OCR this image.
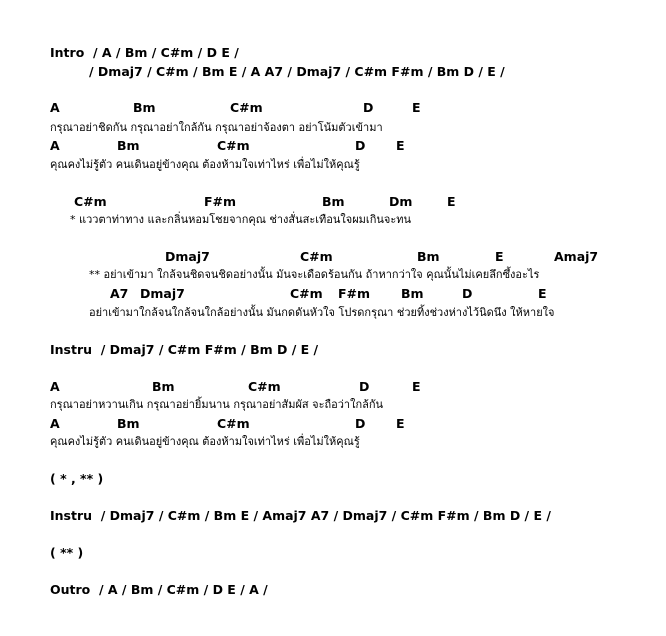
Intro  / A / Bm / C#m / D E /
/ Dmaj7 / C#m / Bm E / A A7 / Dmaj7 / C#m F#m / Bm D / E /
A	Bm	C#m	D	E
กรุณาอย่าชิดกัน กรุณาอย่าใกล้กัน กรุณาอย่าจ้องตา อย่าโน้มตัวเข้ามา
A	Bm	C#m	D E
คุณคงไม่รู้ตัว คนเดินอยู่ข้างคุณ ต้องห้ามใจเท่าไหร่ เพื่อไม่ให้คุณรู้
C#m	F#m	Bm	Dm	E
* แววตาท่าทาง และกลิ่นหอมโชยจากคุณ ช่างสั่นสะเทือนใจผมเกินจะทน
Dmaj7	C#m	Bm	E	Amaj7
** อย่าเข้ามา ใกล้จนชิดจนชิดอย่างนั้น มันจะเดือดร้อนกัน ถ้าหากว่าใจ คุณนั้นไม่เคยลึกซึ้งอะไร
A7 Dmaj7	C#m F#m Bm	D	E
อย่าเข้ามาใกล้จนใกล้จนใกล้อย่างนั้น มันกดดันหัวใจ โปรดกรุณา ช่วยทิ้งช่วงห่างไว้นิดนึง ให้หายใจ
Instru  / Dmaj7 / C#m F#m / Bm D / E /
A	Bm	C#m	D	E
กรุณาอย่าหวานเกิน กรุณาอย่ายิ้มนาน กรุณาอย่าสัมผัส จะถือว่าใกล้กัน
A	Bm	C#m	D E
คุณคงไม่รู้ตัว คนเดินอยู่ข้างคุณ ต้องห้ามใจเท่าไหร่ เพื่อไม่ให้คุณรู้
( * , ** )
Instru  / Dmaj7 / C#m / Bm E / Amaj7 A7 / Dmaj7 / C#m F#m / Bm D / E /
( ** )
Outro  / A / Bm / C#m / D E / A /
